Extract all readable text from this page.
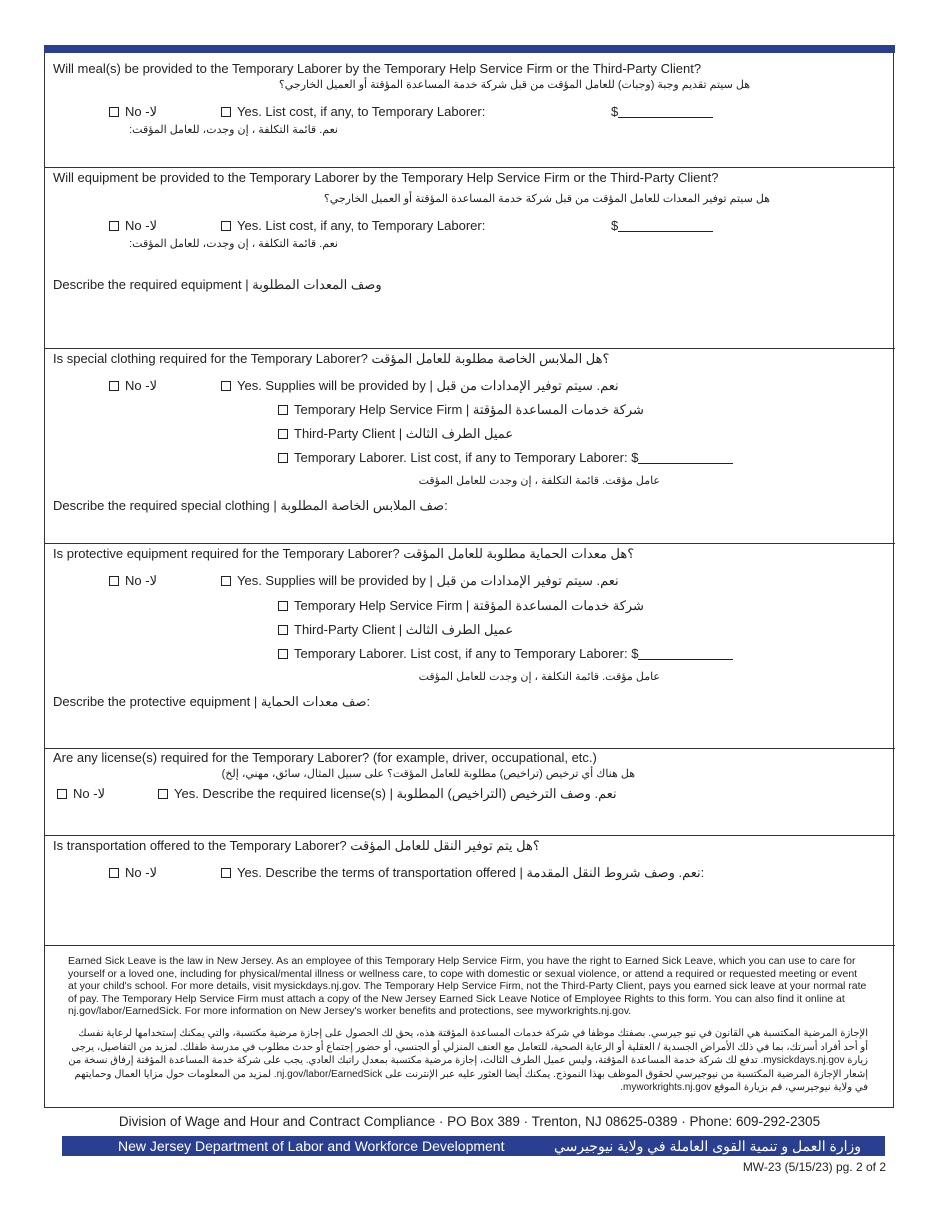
Will meal(s) be provided to the Temporary Laborer by the Temporary Help Service Firm or the Third-Party Client?
هل سيتم تقديم وجبة (وجبات) للعامل المؤقت من قبل شركة خدمة المساعدة المؤقتة أو العميل الخارجي؟
No -لا	Yes. List cost, if any, to Temporary Laborer:
نعم. قائمة التكلفة ، إن وجدت، للعامل المؤقت:
$
Will equipment be provided to the Temporary Laborer by the Temporary Help Service Firm or the Third-Party Client?
هل سيتم توفير المعدات للعامل المؤقت من قبل شركة خدمة المساعدة المؤقتة أو العميل الخارجي؟
No -لا	Yes. List cost, if any, to Temporary Laborer:
نعم. قائمة التكلفة ، إن وجدت، للعامل المؤقت:
$
Describe the required equipment | وصف المعدات المطلوبة
Is special clothing required for the Temporary Laborer? ؟هل الملابس الخاصة مطلوبة للعامل المؤقت
No -لا	Yes. Supplies will be provided by | نعم. سيتم توفير الإمدادات من قبل
Temporary Help Service Firm | شركة خدمات المساعدة المؤقتة
Third-Party Client | عميل الطرف الثالث
Temporary Laborer. List cost, if any to Temporary Laborer: $
عامل مؤقت. قائمة التكلفة ، إن وجدت للعامل المؤقت
Describe the required special clothing | صف الملابس الخاصة المطلوبة:
Is protective equipment required for the Temporary Laborer? ؟هل معدات الحماية مطلوبة للعامل المؤقت
No -لا	Yes. Supplies will be provided by | نعم. سيتم توفير الإمدادات من قبل
Temporary Help Service Firm | شركة خدمات المساعدة المؤقتة
Third-Party Client | عميل الطرف الثالث
Temporary Laborer. List cost, if any to Temporary Laborer: $
عامل مؤقت. قائمة التكلفة ، إن وجدت للعامل المؤقت
Describe the protective equipment | صف معدات الحماية:
Are any license(s) required for the Temporary Laborer? (for example, driver, occupational, etc.)
هل هناك أي ترخيص (تراخيص) مطلوبة للعامل المؤقت؟ على سبيل المثال، سائق، مهني، إلخ)
No -لا	Yes. Describe the required license(s) | نعم. وصف الترخيص (التراخيص) المطلوبة
Is transportation offered to the Temporary Laborer? ؟هل يتم توفير النقل للعامل المؤقت
No -لا	Yes. Describe the terms of transportation offered | نعم. وصف شروط النقل المقدمة:
Earned Sick Leave is the law in New Jersey. As an employee of this Temporary Help Service Firm, you have the right to Earned Sick Leave, which you can use to care for yourself or a loved one, including for physical/mental illness or wellness care, to cope with domestic or sexual violence, or attend a required or requested meeting or event at your child's school. For more details, visit mysickdays.nj.gov. The Temporary Help Service Firm, not the Third-Party Client, pays you earned sick leave at your normal rate of pay. The Temporary Help Service Firm must attach a copy of the New Jersey Earned Sick Leave Notice of Employee Rights to this form. You can also find it online at nj.gov/labor/EarnedSick. For more information on New Jersey's worker benefits and protections, see myworkrights.nj.gov.
الإجازة المرضية المكتسبة هي القانون في نيو جيرسي. بصفتك موظفا في شركة خدمات المساعدة المؤقتة هذه، يحق لك الحصول على إجازة مرضية مكتسبة، والتي يمكنك إستخدامها لرعاية نفسك أو أحد أفراد أسرتك، بما في ذلك الأمراض الجسدية / العقلية أو الرعاية الصحية، للتعامل مع العنف المنزلي أو الجنسي، أو حضور إجتماع أو حدث مطلوب في مدرسة طفلك. لمزيد من التفاصيل، يرجى زيارة mysickdays.nj.gov. تدفع لك شركة خدمة المساعدة المؤقتة، وليس عميل الطرف الثالث، إجازة مرضية مكتسبة بمعدل راتبك العادي. يجب على شركة خدمة المساعدة المؤقتة إرفاق نسخة من إشعار الإجازة المرضية المكتسبة من نيوجيرسي لحقوق الموظف بهذا النموذج. يمكنك أيضا العثور عليه عبر الإنترنت على nj.gov/labor/EarnedSick. لمزيد من المعلومات حول مزايا العمال وحمايتهم في ولاية نيوجيرسي، قم بزيارة الموقع myworkrights.nj.gov.
Division of Wage and Hour and Contract Compliance · PO Box 389 · Trenton, NJ 08625-0389 · Phone: 609-292-2305
New Jersey Department of Labor and Workforce Development	وزارة العمل و تنمية القوى العاملة في ولاية نيوجيرسي
MW-23 (5/15/23) pg. 2 of 2
